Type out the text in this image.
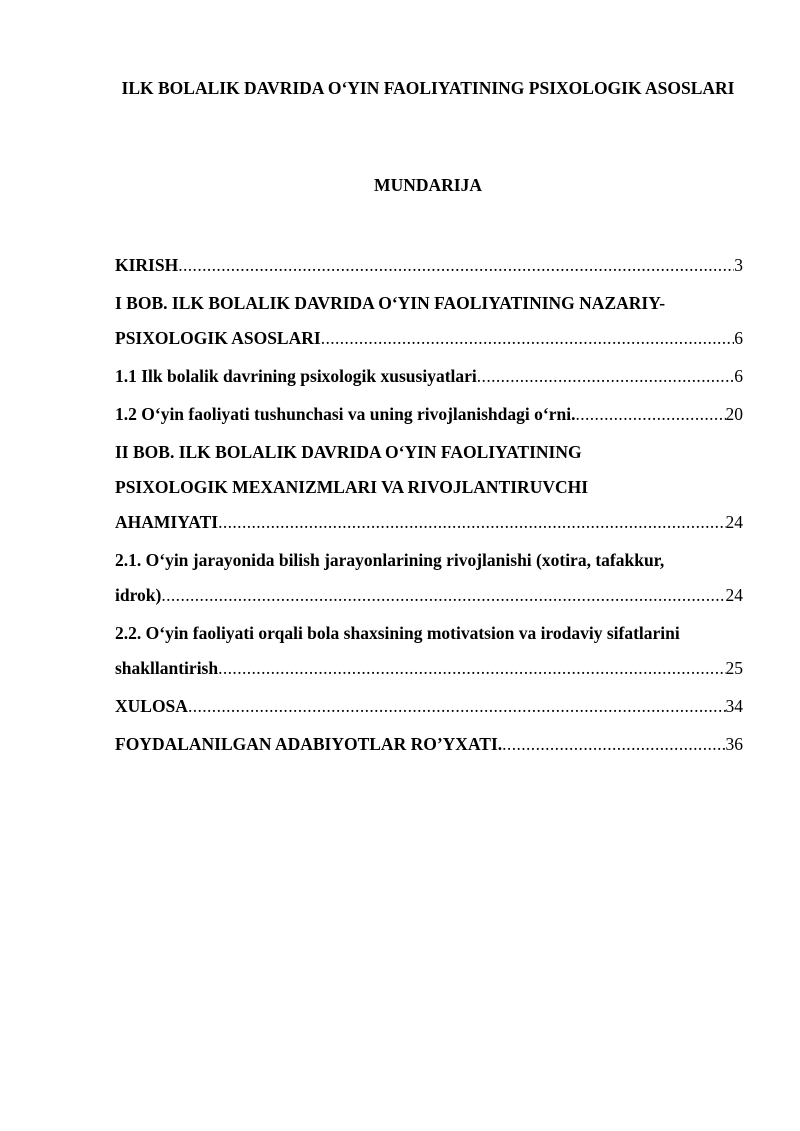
ILK BOLALIK DAVRIDA O‘YIN FAOLIYATINING PSIXOLOGIK ASOSLARI
MUNDARIJA
KIRISH .....	3
I BOB. ILK BOLALIK DAVRIDA O‘YIN FAOLIYATINING NAZARIY-
PSIXOLOGIK ASOSLARI .....	6
1.1 Ilk bolalik davrining psixologik xususiyatlari .....	6
1.2 O‘yin faoliyati tushunchasi va uning rivojlanishdagi o‘rni. .....	20
II BOB. ILK BOLALIK DAVRIDA O‘YIN FAOLIYATINING
PSIXOLOGIK MEXANIZMLARI VA RIVOJLANTIRUVCHI
AHAMIYATI .....	24
2.1. O‘yin jarayonida bilish jarayonlarining rivojlanishi (xotira, tafakkur,
idrok) .....	24
2.2. O‘yin faoliyati orqali bola shaxsining motivatsion va irodaviy sifatlarini
shakllantirish .....	25
XULOSA .....	34
FOYDALANILGAN ADABIYOTLAR RO’YXATI. .....	36
